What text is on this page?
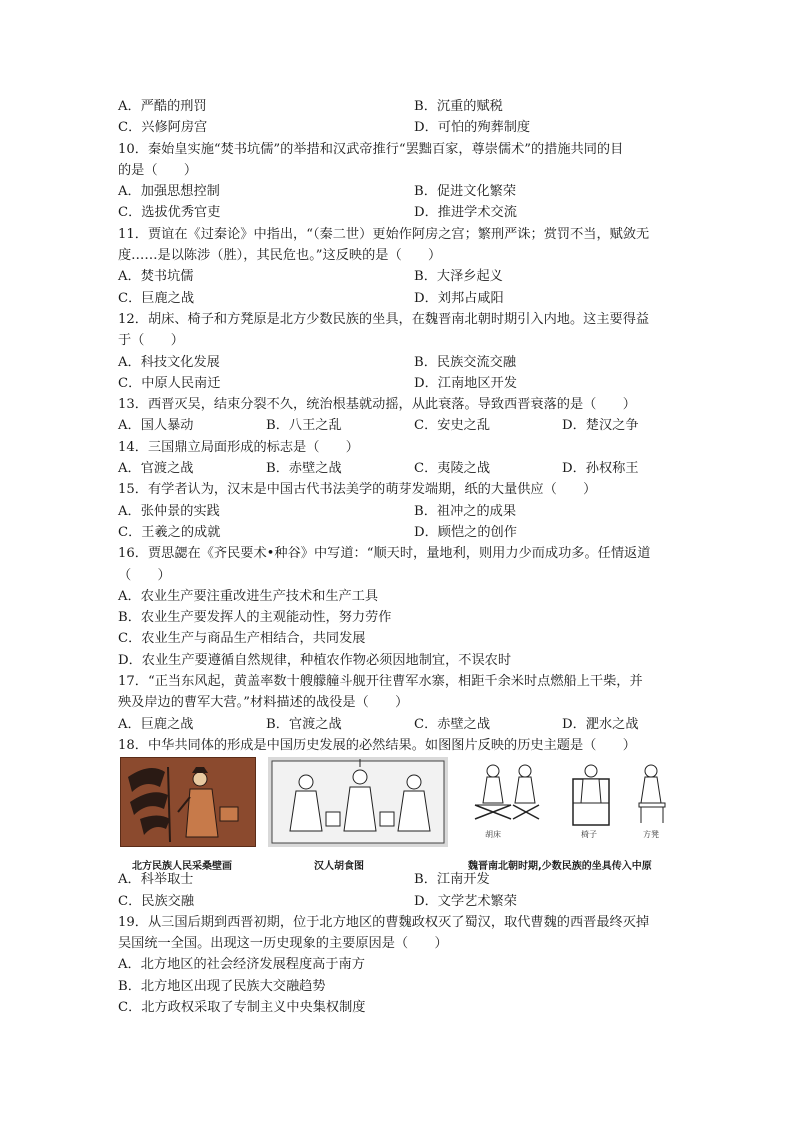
A．严酷的刑罚	B．沉重的赋税
C．兴修阿房宫	D．可怕的殉葬制度
10．秦始皇实施“焚书坑儒”的举措和汉武帝推行“罢黜百家，尊崇儒术”的措施共同的目
的是（　　）
A．加强思想控制	B．促进文化繁荣
C．选拔优秀官吏	D．推进学术交流
11．贾谊在《过秦论》中指出，“（秦二世）更始作阿房之宫；繁刑严诛；赏罚不当，赋敛无
度……是以陈涉（胜），其民危也。”这反映的是（　　）
A．焚书坑儒	B．大泽乡起义
C．巨鹿之战	D．刘邦占咸阳
12．胡床、椅子和方凳原是北方少数民族的坐具，在魏晋南北朝时期引入内地。这主要得益
于（　　）
A．科技文化发展	B．民族交流交融
C．中原人民南迁	D．江南地区开发
13．西晋灭吴，结束分裂不久，统治根基就动摇，从此衰落。导致西晋衰落的是（　　）
A．国人暴动	B．八王之乱	C．安史之乱	D．楚汉之争
14．三国鼎立局面形成的标志是（　　）
A．官渡之战	B．赤壁之战	C．夷陵之战	D．孙权称王
15．有学者认为，汉末是中国古代书法美学的萌芽发端期，纸的大量供应（　　）
A．张仲景的实践	B．祖冲之的成果
C．王羲之的成就	D．顾恺之的创作
16．贾思勰在《齐民要术•种谷》中写道：“顺天时，量地利，则用力少而成功多。任情返道
（　　）
A．农业生产要注重改进生产技术和生产工具
B．农业生产要发挥人的主观能动性，努力劳作
C．农业生产与商品生产相结合，共同发展
D．农业生产要遵循自然规律，种植农作物必须因地制宜，不误农时
17．“正当东风起，黄盖率数十艘艨艟斗舰开往曹军水寨，相距千余米时点燃船上干柴，并
殃及岸边的曹军大营。”材料描述的战役是（　　）
A．巨鹿之战	B．官渡之战	C．赤壁之战	D．淝水之战
18．中华共同体的形成是中国历史发展的必然结果。如图图片反映的历史主题是（　　）
北方民族人民采桑壁画	汉人胡食图
胡床	椅子	方凳
魏晋南北朝时期,少数民族的坐具传入中原
A．科举取士	B．江南开发
C．民族交融	D．文学艺术繁荣
19．从三国后期到西晋初期，位于北方地区的曹魏政权灭了蜀汉，取代曹魏的西晋最终灭掉
吴国统一全国。出现这一历史现象的主要原因是（　　）
A．北方地区的社会经济发展程度高于南方
B．北方地区出现了民族大交融趋势
C．北方政权采取了专制主义中央集权制度
